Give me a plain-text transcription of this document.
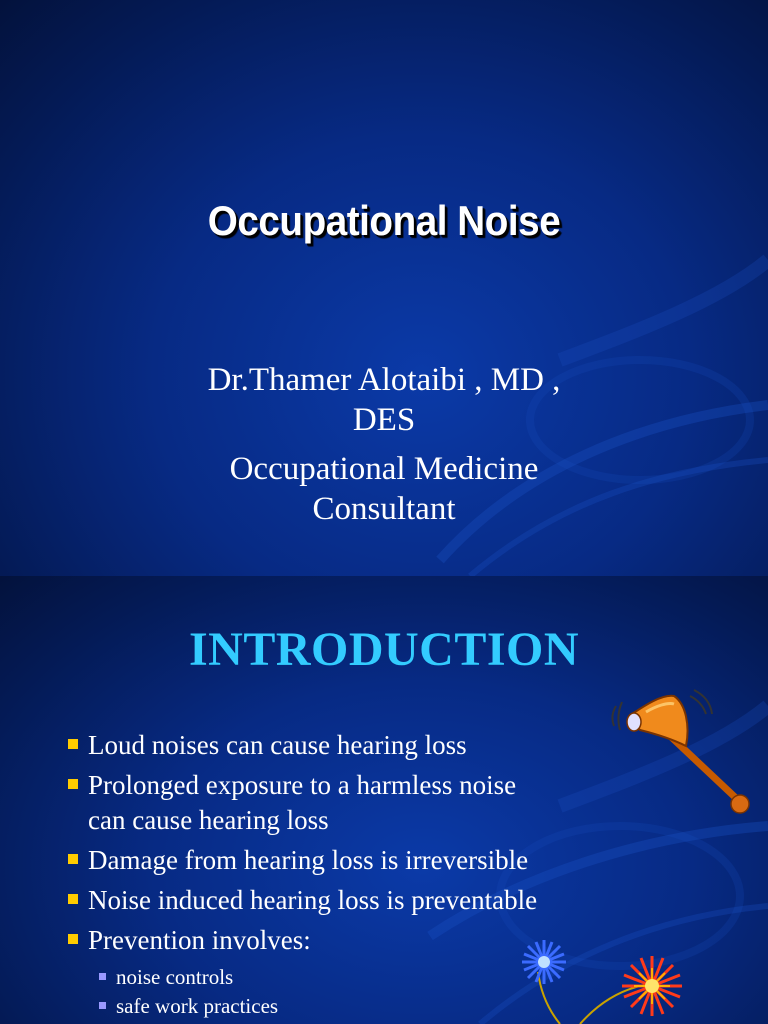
Occupational Noise
Dr.Thamer Alotaibi , MD ,
DES
Occupational Medicine
Consultant
INTRODUCTION
Loud noises can cause hearing loss
Prolonged exposure to a harmless noise
can cause hearing loss
Damage from hearing loss is irreversible
Noise induced hearing loss is preventable
Prevention involves:
noise controls
safe work practices
